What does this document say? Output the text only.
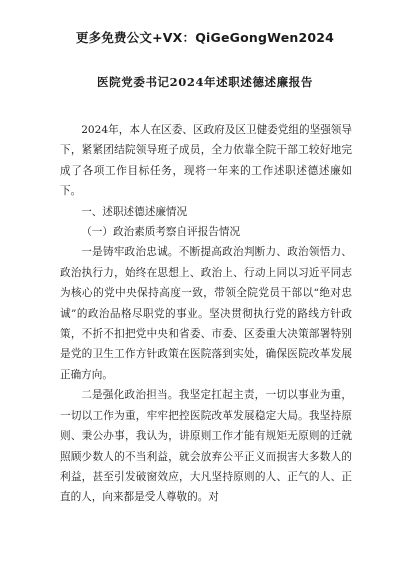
更多免费公文+VX：QiGeGongWen2024
医院党委书记2024年述职述德述廉报告

2024年，本人在区委、区政府及区卫健委党组的坚强领导下，紧紧团结院领导班子成员，全力依靠全院干部工较好地完成了各项工作目标任务，现将一年来的工作述职述德述廉如下。

一、述职述德述廉情况
（一）政治素质考察自评报告情况

一是铸牢政治忠诚。不断提高政治判断力、政治领悟力、政治执行力，始终在思想上、政治上、行动上同以习近平同志为核心的党中央保持高度一致，带领全院党员干部以“绝对忠诚”的政治品格尽职党的事业。坚决贯彻执行党的路线方针政策，不折不扣把党中央和省委、市委、区委重大决策部署特别是党的卫生工作方针政策在医院落到实处，确保医院改革发展正确方向。

二是强化政治担当。我坚定扛起主责，一切以事业为重，一切以工作为重，牢牢把控医院改革发展稳定大局。我坚持原则、秉公办事，我认为，讲原则工作才能有规矩无原则的迁就照顾少数人的不当利益，就会放弃公平正义而损害大多数人的利益，甚至引发破窗效应，大凡坚持原则的人、正气的人、正直的人，向来都是受人尊敬的。对
